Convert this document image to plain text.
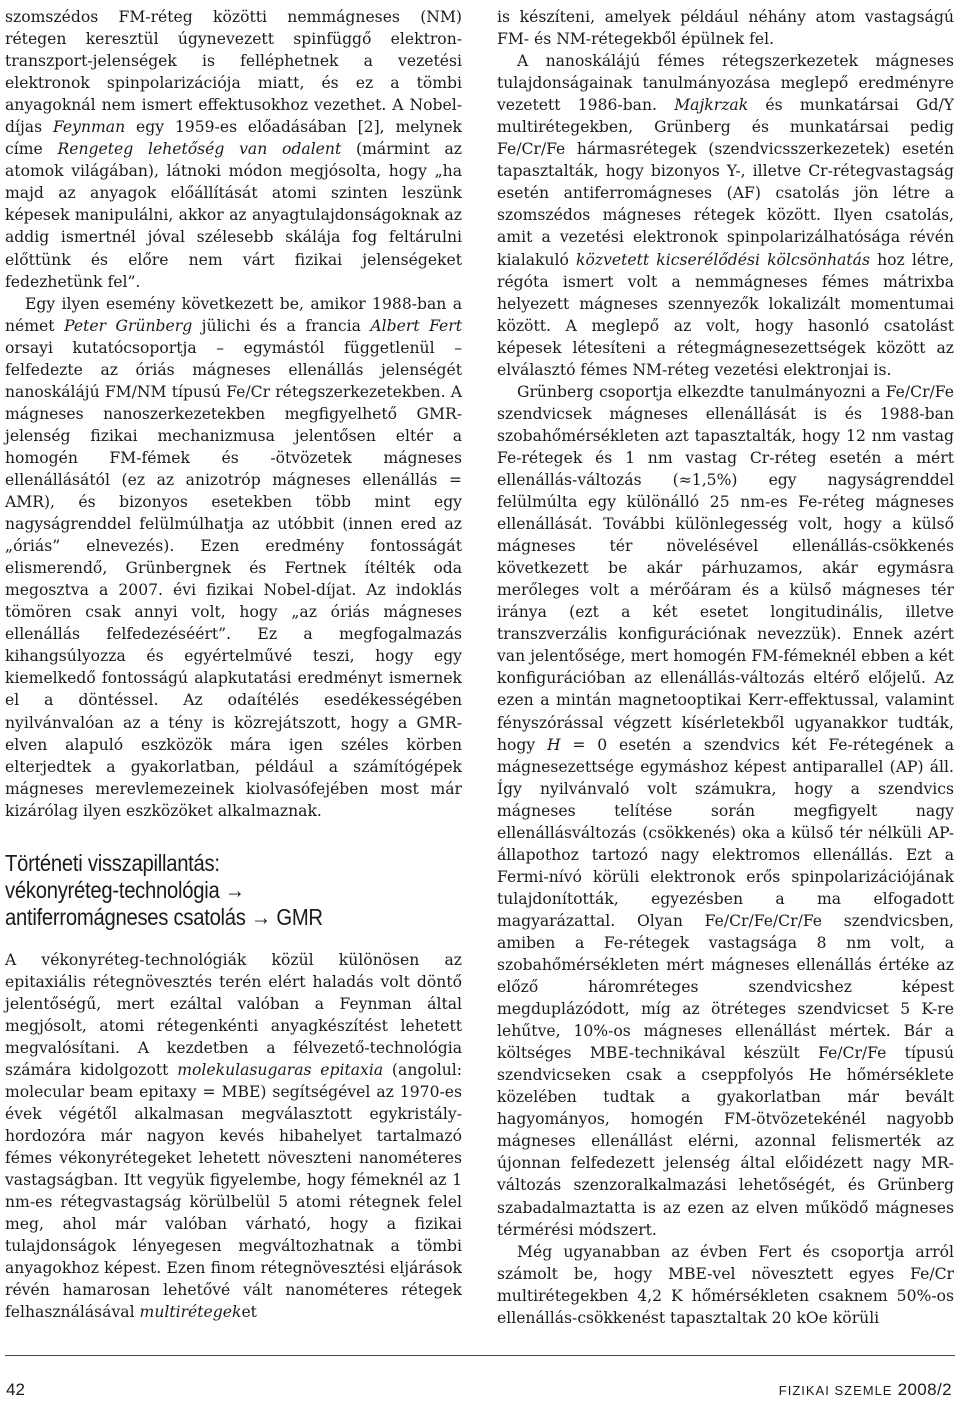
szomszédos FM-réteg közötti nemmágneses (NM) rétegen keresztül úgynevezett spinfüggő elektron-transzport-jelenségek is felléphetnek a vezetési elektronok spinpolarizációja miatt, és ez a tömbi anyagoknál nem ismert effektusokhoz vezethet. A Nobel-díjas Feynman egy 1959-es előadásában [2], melynek címe Rengeteg lehetőség van odalent (mármint az atomok világában), látnoki módon megjósolta, hogy „ha majd az anyagok előállítását atomi szinten leszünk képesek manipulálni, akkor az anyagtulajdonságoknak az addig ismertnél jóval szélesebb skálája fog feltárulni előttünk és előre nem várt fizikai jelenségeket fedezhetünk fel”.

Egy ilyen esemény következett be, amikor 1988-ban a német Peter Grünberg jülichi és a francia Albert Fert orsayi kutatócsoportja – egymástól függetlenül – felfedezte az óriás mágneses ellenállás jelenségét nanoskálájú FM/NM típusú Fe/Cr rétegszerkezetekben. A mágneses nanoszerkezetekben megfigyelhető GMR-jelenség fizikai mechanizmusa jelentősen eltér a homogén FM-fémek és -ötvözetek mágneses ellenállásától (ez az anizotróp mágneses ellenállás = AMR), és bizonyos esetekben több mint egy nagyságrenddel felülmúlhatja az utóbbit (innen ered az „óriás” elnevezés). Ezen eredmény fontosságát elismerendő, Grünbergnek és Fertnek ítélték oda megosztva a 2007. évi fizikai Nobel-díjat. Az indoklás tömören csak annyi volt, hogy „az óriás mágneses ellenállás felfedezéséért”. Ez a megfogalmazás kihangsúlyozza és egyértelművé teszi, hogy egy kiemelkedő fontosságú alapkutatási eredményt ismernek el a döntéssel. Az odaítélés esedékességében nyilvánvalóan az a tény is közrejátszott, hogy a GMR-elven alapuló eszközök mára igen széles körben elterjedtek a gyakorlatban, például a számítógépek mágneses merevlemezeinek kiolvasófejében most már kizárólag ilyen eszközöket alkalmaznak.

Történeti visszapillantás:
vékonyréteg-technológia →
antiferromágneses csatolás → GMR

A vékonyréteg-technológiák közül különösen az epitaxiális rétegnövesztés terén elért haladás volt döntő jelentőségű, mert ezáltal valóban a Feynman által megjósolt, atomi rétegenkénti anyagkészítést lehetett megvalósítani. A kezdetben a félvezető-technológia számára kidolgozott molekulasugaras epitaxia (angolul: molecular beam epitaxy = MBE) segítségével az 1970-es évek végétől alkalmasan megválasztott egykristály-hordozóra már nagyon kevés hibahelyet tartalmazó fémes vékonyrétegeket lehetett növeszteni nanométeres vastagságban. Itt vegyük figyelembe, hogy fémeknél az 1 nm-es rétegvastagság körülbelül 5 atomi rétegnek felel meg, ahol már valóban várható, hogy a fizikai tulajdonságok lényegesen megváltozhatnak a tömbi anyagokhoz képest. Ezen finom rétegnövesztési eljárások révén hamarosan lehetővé vált nanométeres rétegek felhasználásával multirétegeket

is készíteni, amelyek például néhány atom vastagságú FM- és NM-rétegekből épülnek fel.

A nanoskálájú fémes rétegszerkezetek mágneses tulajdonságainak tanulmányozása meglepő eredményre vezetett 1986-ban. Majkrzak és munkatársai Gd/Y multirétegekben, Grünberg és munkatársai pedig Fe/Cr/Fe hármasrétegek (szendvicsszerkezetek) esetén tapasztalták, hogy bizonyos Y-, illetve Cr-rétegvastagság esetén antiferromágneses (AF) csatolás jön létre a szomszédos mágneses rétegek között. Ilyen csatolás, amit a vezetési elektronok spinpolarizálhatósága révén kialakuló közvetett kicserélődési kölcsönhatás hoz létre, régóta ismert volt a nemmágneses fémes mátrixba helyezett mágneses szennyezők lokalizált momentumai között. A meglepő az volt, hogy hasonló csatolást képesek létesíteni a rétegmágnesezettségek között az elválasztó fémes NM-réteg vezetési elektronjai is.

Grünberg csoportja elkezdte tanulmányozni a Fe/Cr/Fe szendvicsek mágneses ellenállását is és 1988-ban szobahőmérsékleten azt tapasztalták, hogy 12 nm vastag Fe-rétegek és 1 nm vastag Cr-réteg esetén a mért ellenállás-változás (≈1,5%) egy nagyságrenddel felülmúlta egy különálló 25 nm-es Fe-réteg mágneses ellenállását. További különlegesség volt, hogy a külső mágneses tér növelésével ellenállás-csökkenés következett be akár párhuzamos, akár egymásra merőleges volt a mérőáram és a külső mágneses tér iránya (ezt a két esetet longitudinális, illetve transzverzális konfigurációnak nevezzük). Ennek azért van jelentősége, mert homogén FM-fémeknél ebben a két konfigurációban az ellenállás-változás eltérő előjelű. Az ezen a mintán magnetooptikai Kerr-effektussal, valamint fényszórással végzett kísérletekből ugyanakkor tudták, hogy H = 0 esetén a szendvics két Fe-rétegének a mágnesezettsége egymáshoz képest antiparallel (AP) áll. Így nyilvánvaló volt számukra, hogy a szendvics mágneses telítése során megfigyelt nagy ellenállásváltozás (csökkenés) oka a külső tér nélküli AP-állapothoz tartozó nagy elektromos ellenállás. Ezt a Fermi-nívó körüli elektronok erős spinpolarizációjának tulajdonították, egyezésben a ma elfogadott magyarázattal. Olyan Fe/Cr/Fe/Cr/Fe szendvicsben, amiben a Fe-rétegek vastagsága 8 nm volt, a szobahőmérsékleten mért mágneses ellenállás értéke az előző háromréteges szendvicshez képest megduplázódott, míg az ötréteges szendvicset 5 K-re lehűtve, 10%-os mágneses ellenállást mértek. Bár a költséges MBE-technikával készült Fe/Cr/Fe típusú szendvicseken csak a cseppfolyós He hőmérséklete közelében tudtak a gyakorlatban már bevált hagyományos, homogén FM-ötvözetekénél nagyobb mágneses ellenállást elérni, azonnal felismerték az újonnan felfedezett jelenség által előidézett nagy MR-változás szenzoralkalmazási lehetőségét, és Grünberg szabadalmaztatta is az ezen az elven működő mágneses térmérési módszert.

Még ugyanabban az évben Fert és csoportja arról számolt be, hogy MBE-vel növesztett egyes Fe/Cr multirétegekben 4,2 K hőmérsékleten csaknem 50%-os ellenállás-csökkenést tapasztaltak 20 kOe körüli

42	FIZIKAI SZEMLE 2008/2
